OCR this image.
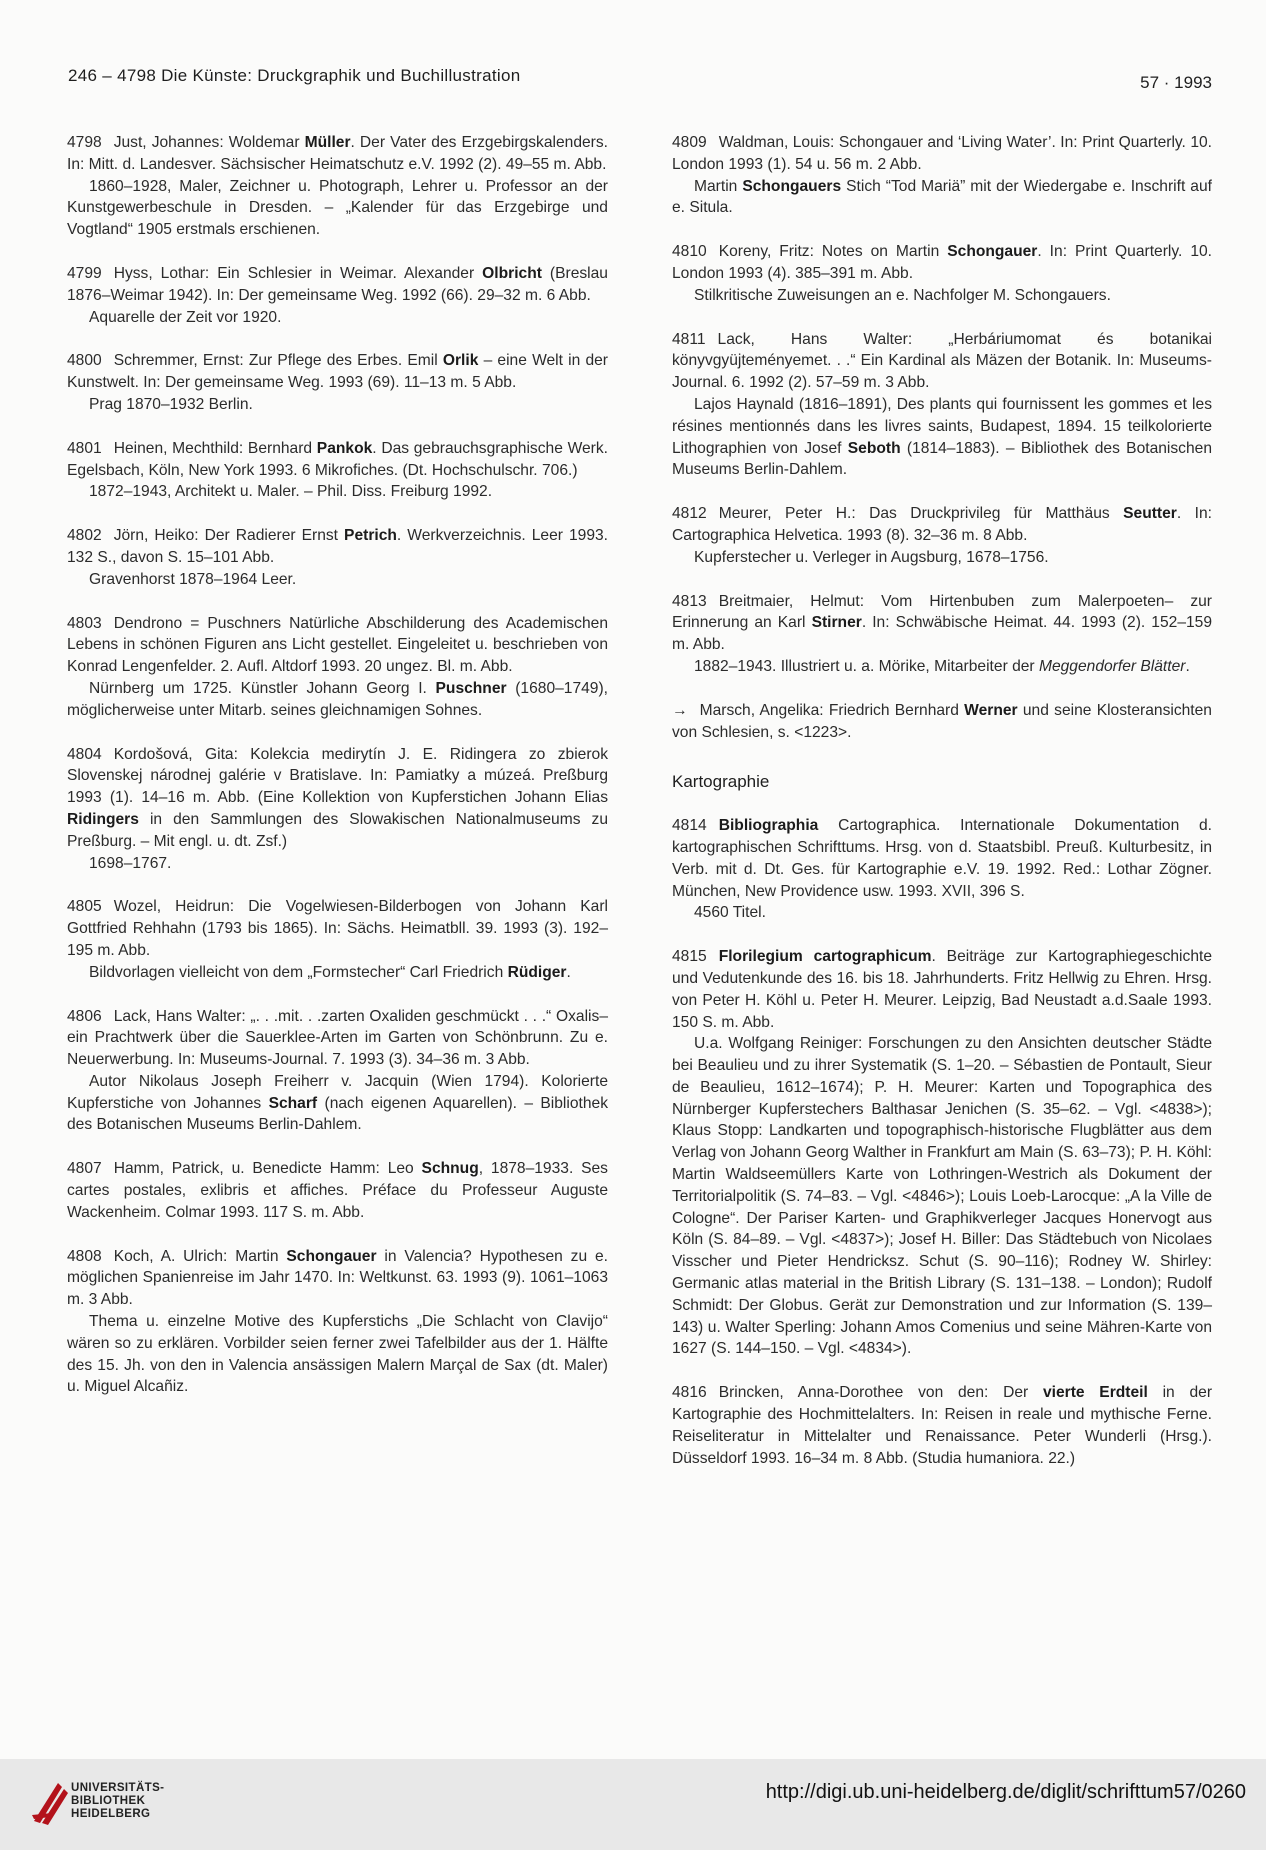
246 – 4798 Die Künste: Druckgraphik und Buchillustration	57 · 1993

4798 Just, Johannes: Woldemar Müller. Der Vater des Erzgebirgskalenders. In: Mitt. d. Landesver. Sächsischer Heimatschutz e.V. 1992 (2). 49–55 m. Abb.

1860–1928, Maler, Zeichner u. Photograph, Lehrer u. Professor an der Kunstgewerbeschule in Dresden. – „Kalender für das Erzgebirge und Vogtland“ 1905 erstmals erschienen.

4799 Hyss, Lothar: Ein Schlesier in Weimar. Alexander Olbricht (Breslau 1876–Weimar 1942). In: Der gemeinsame Weg. 1992 (66). 29–32 m. 6 Abb.

Aquarelle der Zeit vor 1920.

4800 Schremmer, Ernst: Zur Pflege des Erbes. Emil Orlik – eine Welt in der Kunstwelt. In: Der gemeinsame Weg. 1993 (69). 11–13 m. 5 Abb.

Prag 1870–1932 Berlin.

4801 Heinen, Mechthild: Bernhard Pankok. Das gebrauchsgraphische Werk. Egelsbach, Köln, New York 1993. 6 Mikrofiches. (Dt. Hochschulschr. 706.)

1872–1943, Architekt u. Maler. – Phil. Diss. Freiburg 1992.

4802 Jörn, Heiko: Der Radierer Ernst Petrich. Werkverzeichnis. Leer 1993. 132 S., davon S. 15–101 Abb.

Gravenhorst 1878–1964 Leer.

4803 Dendrono = Puschners Natürliche Abschilderung des Academischen Lebens in schönen Figuren ans Licht gestellet. Eingeleitet u. beschrieben von Konrad Lengenfelder. 2. Aufl. Altdorf 1993. 20 ungez. Bl. m. Abb.

Nürnberg um 1725. Künstler Johann Georg I. Puschner (1680–1749), möglicherweise unter Mitarb. seines gleichnamigen Sohnes.

4804 Kordošová, Gita: Kolekcia medirytín J. E. Ridingera zo zbierok Slovenskej národnej galérie v Bratislave. In: Pamiatky a múzeá. Preßburg 1993 (1). 14–16 m. Abb. (Eine Kollektion von Kupferstichen Johann Elias Ridingers in den Sammlungen des Slowakischen Nationalmuseums zu Preßburg. – Mit engl. u. dt. Zsf.)

1698–1767.

4805 Wozel, Heidrun: Die Vogelwiesen-Bilderbogen von Johann Karl Gottfried Rehhahn (1793 bis 1865). In: Sächs. Heimatbll. 39. 1993 (3). 192–195 m. Abb.

Bildvorlagen vielleicht von dem „Formstecher“ Carl Friedrich Rüdiger.

4806 Lack, Hans Walter: „. . .mit. . .zarten Oxaliden geschmückt . . .“ Oxalis–ein Prachtwerk über die Sauerklee-Arten im Garten von Schönbrunn. Zu e. Neuerwerbung. In: Museums-Journal. 7. 1993 (3). 34–36 m. 3 Abb.

Autor Nikolaus Joseph Freiherr v. Jacquin (Wien 1794). Kolorierte Kupferstiche von Johannes Scharf (nach eigenen Aquarellen). – Bibliothek des Botanischen Museums Berlin-Dahlem.

4807 Hamm, Patrick, u. Benedicte Hamm: Leo Schnug, 1878–1933. Ses cartes postales, exlibris et affiches. Préface du Professeur Auguste Wackenheim. Colmar 1993. 117 S. m. Abb.

4808 Koch, A. Ulrich: Martin Schongauer in Valencia? Hypothesen zu e. möglichen Spanienreise im Jahr 1470. In: Weltkunst. 63. 1993 (9). 1061–1063 m. 3 Abb.

Thema u. einzelne Motive des Kupferstichs „Die Schlacht von Clavijo“ wären so zu erklären. Vorbilder seien ferner zwei Tafelbilder aus der 1. Hälfte des 15. Jh. von den in Valencia ansässigen Malern Marçal de Sax (dt. Maler) u. Miguel Alcañiz.

4809 Waldman, Louis: Schongauer and ‘Living Water’. In: Print Quarterly. 10. London 1993 (1). 54 u. 56 m. 2 Abb.

Martin Schongauers Stich “Tod Mariä” mit der Wiedergabe e. Inschrift auf e. Situla.

4810 Koreny, Fritz: Notes on Martin Schongauer. In: Print Quarterly. 10. London 1993 (4). 385–391 m. Abb.

Stilkritische Zuweisungen an e. Nachfolger M. Schongauers.

4811 Lack, Hans Walter: „Herbáriumomat és botanikai könyvgyüjteményemet. . .“ Ein Kardinal als Mäzen der Botanik. In: Museums-Journal. 6. 1992 (2). 57–59 m. 3 Abb.

Lajos Haynald (1816–1891), Des plants qui fournissent les gommes et les résines mentionnés dans les livres saints, Budapest, 1894. 15 teilkolorierte Lithographien von Josef Seboth (1814–1883). – Bibliothek des Botanischen Museums Berlin-Dahlem.

4812 Meurer, Peter H.: Das Druckprivileg für Matthäus Seutter. In: Cartographica Helvetica. 1993 (8). 32–36 m. 8 Abb.

Kupferstecher u. Verleger in Augsburg, 1678–1756.

4813 Breitmaier, Helmut: Vom Hirtenbuben zum Malerpoeten– zur Erinnerung an Karl Stirner. In: Schwäbische Heimat. 44. 1993 (2). 152–159 m. Abb.

1882–1943. Illustriert u. a. Mörike, Mitarbeiter der Meggendorfer Blätter.

→ Marsch, Angelika: Friedrich Bernhard Werner und seine Klosteransichten von Schlesien, s. <1223>.

Kartographie

4814 Bibliographia Cartographica. Internationale Dokumentation d. kartographischen Schrifttums. Hrsg. von d. Staatsbibl. Preuß. Kulturbesitz, in Verb. mit d. Dt. Ges. für Kartographie e.V. 19. 1992. Red.: Lothar Zögner. München, New Providence usw. 1993. XVII, 396 S.

4560 Titel.

4815 Florilegium cartographicum. Beiträge zur Kartographiegeschichte und Vedutenkunde des 16. bis 18. Jahrhunderts. Fritz Hellwig zu Ehren. Hrsg. von Peter H. Köhl u. Peter H. Meurer. Leipzig, Bad Neustadt a.d.Saale 1993. 150 S. m. Abb.

U.a. Wolfgang Reiniger: Forschungen zu den Ansichten deutscher Städte bei Beaulieu und zu ihrer Systematik (S. 1–20. – Sébastien de Pontault, Sieur de Beaulieu, 1612–1674); P. H. Meurer: Karten und Topographica des Nürnberger Kupferstechers Balthasar Jenichen (S. 35–62. – Vgl. <4838>); Klaus Stopp: Landkarten und topographisch-historische Flugblätter aus dem Verlag von Johann Georg Walther in Frankfurt am Main (S. 63–73); P. H. Köhl: Martin Waldseemüllers Karte von Lothringen-Westrich als Dokument der Territorialpolitik (S. 74–83. – Vgl. <4846>); Louis Loeb-Larocque: „A la Ville de Cologne“. Der Pariser Karten- und Graphikverleger Jacques Honervogt aus Köln (S. 84–89. – Vgl. <4837>); Josef H. Biller: Das Städtebuch von Nicolaes Visscher und Pieter Hendricksz. Schut (S. 90–116); Rodney W. Shirley: Germanic atlas material in the British Library (S. 131–138. – London); Rudolf Schmidt: Der Globus. Gerät zur Demonstration und zur Information (S. 139–143) u. Walter Sperling: Johann Amos Comenius und seine Mähren-Karte von 1627 (S. 144–150. – Vgl. <4834>).

4816 Brincken, Anna-Dorothee von den: Der vierte Erdteil in der Kartographie des Hochmittelalters. In: Reisen in reale und mythische Ferne. Reiseliteratur in Mittelalter und Renaissance. Peter Wunderli (Hrsg.). Düsseldorf 1993. 16–34 m. 8 Abb. (Studia humaniora. 22.)

UNIVERSITÄTS-
BIBLIOTHEK
HEIDELBERG
http://digi.ub.uni-heidelberg.de/diglit/schrifttum57/0260
